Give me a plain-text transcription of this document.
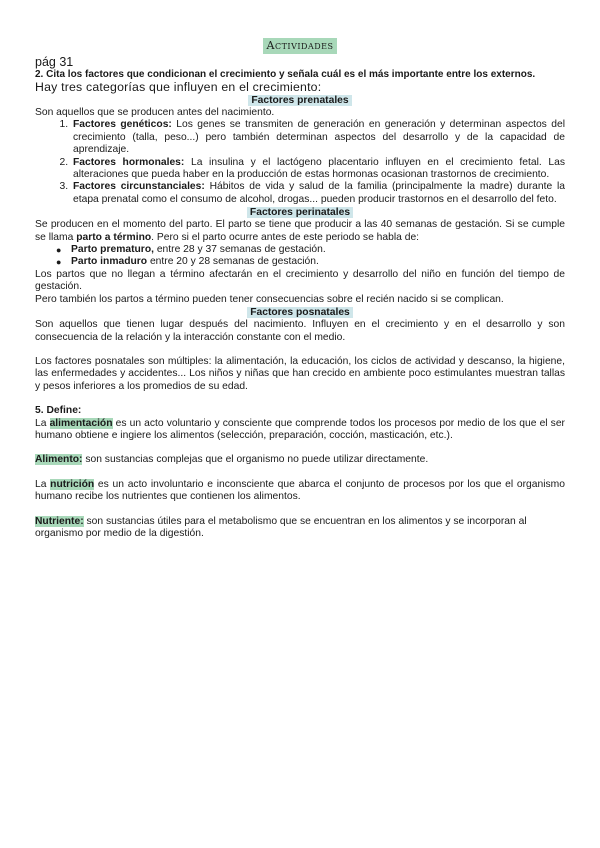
Actividades

pág 31

2. Cita los factores que condicionan el crecimiento y señala cuál es el más importante entre los externos.

Hay tres categorías que influyen en el crecimiento:

Factores prenatales

Son aquellos que se producen antes del nacimiento.

1. Factores genéticos: Los genes se transmiten de generación en generación y determinan aspectos del crecimiento (talla, peso...) pero también determinan aspectos del desarrollo y de la capacidad de aprendizaje.
2. Factores hormonales: La insulina y el lactógeno placentario influyen en el crecimiento fetal. Las alteraciones que pueda haber en la producción de estas hormonas ocasionan trastornos de crecimiento.
3. Factores circunstanciales: Hábitos de vida y salud de la familia (principalmente la madre) durante la etapa prenatal como el consumo de alcohol, drogas... pueden producir trastornos en el desarrollo del feto.

Factores perinatales

Se producen en el momento del parto. El parto se tiene que producir a las 40 semanas de gestación. Si se cumple se llama parto a término. Pero si el parto ocurre antes de este periodo se habla de:

● Parto prematuro, entre 28 y 37 semanas de gestación.
● Parto inmaduro entre 20 y 28 semanas de gestación.

Los partos que no llegan a término afectarán en el crecimiento y desarrollo del niño en función del tiempo de gestación.

Pero también los partos a término pueden tener consecuencias sobre el recién nacido si se complican.

Factores posnatales

Son aquellos que tienen lugar después del nacimiento. Influyen en el crecimiento y en el desarrollo y son consecuencia de la relación y la interacción constante con el medio.

Los factores posnatales son múltiples: la alimentación, la educación, los ciclos de actividad y descanso, la higiene, las enfermedades y accidentes... Los niños y niñas que han crecido en ambiente poco estimulantes muestran tallas y pesos inferiores a los promedios de su edad.

5. Define:

La alimentación es un acto voluntario y consciente que comprende todos los procesos por medio de los que el ser humano obtiene e ingiere los alimentos (selección, preparación, cocción, masticación, etc.).

Alimento: son sustancias complejas que el organismo no puede utilizar directamente.

La nutrición es un acto involuntario e inconsciente que abarca el conjunto de procesos por los que el organismo humano recibe los nutrientes que contienen los alimentos.

Nutriente: son sustancias útiles para el metabolismo que se encuentran en los alimentos y se incorporan al organismo por medio de la digestión.
